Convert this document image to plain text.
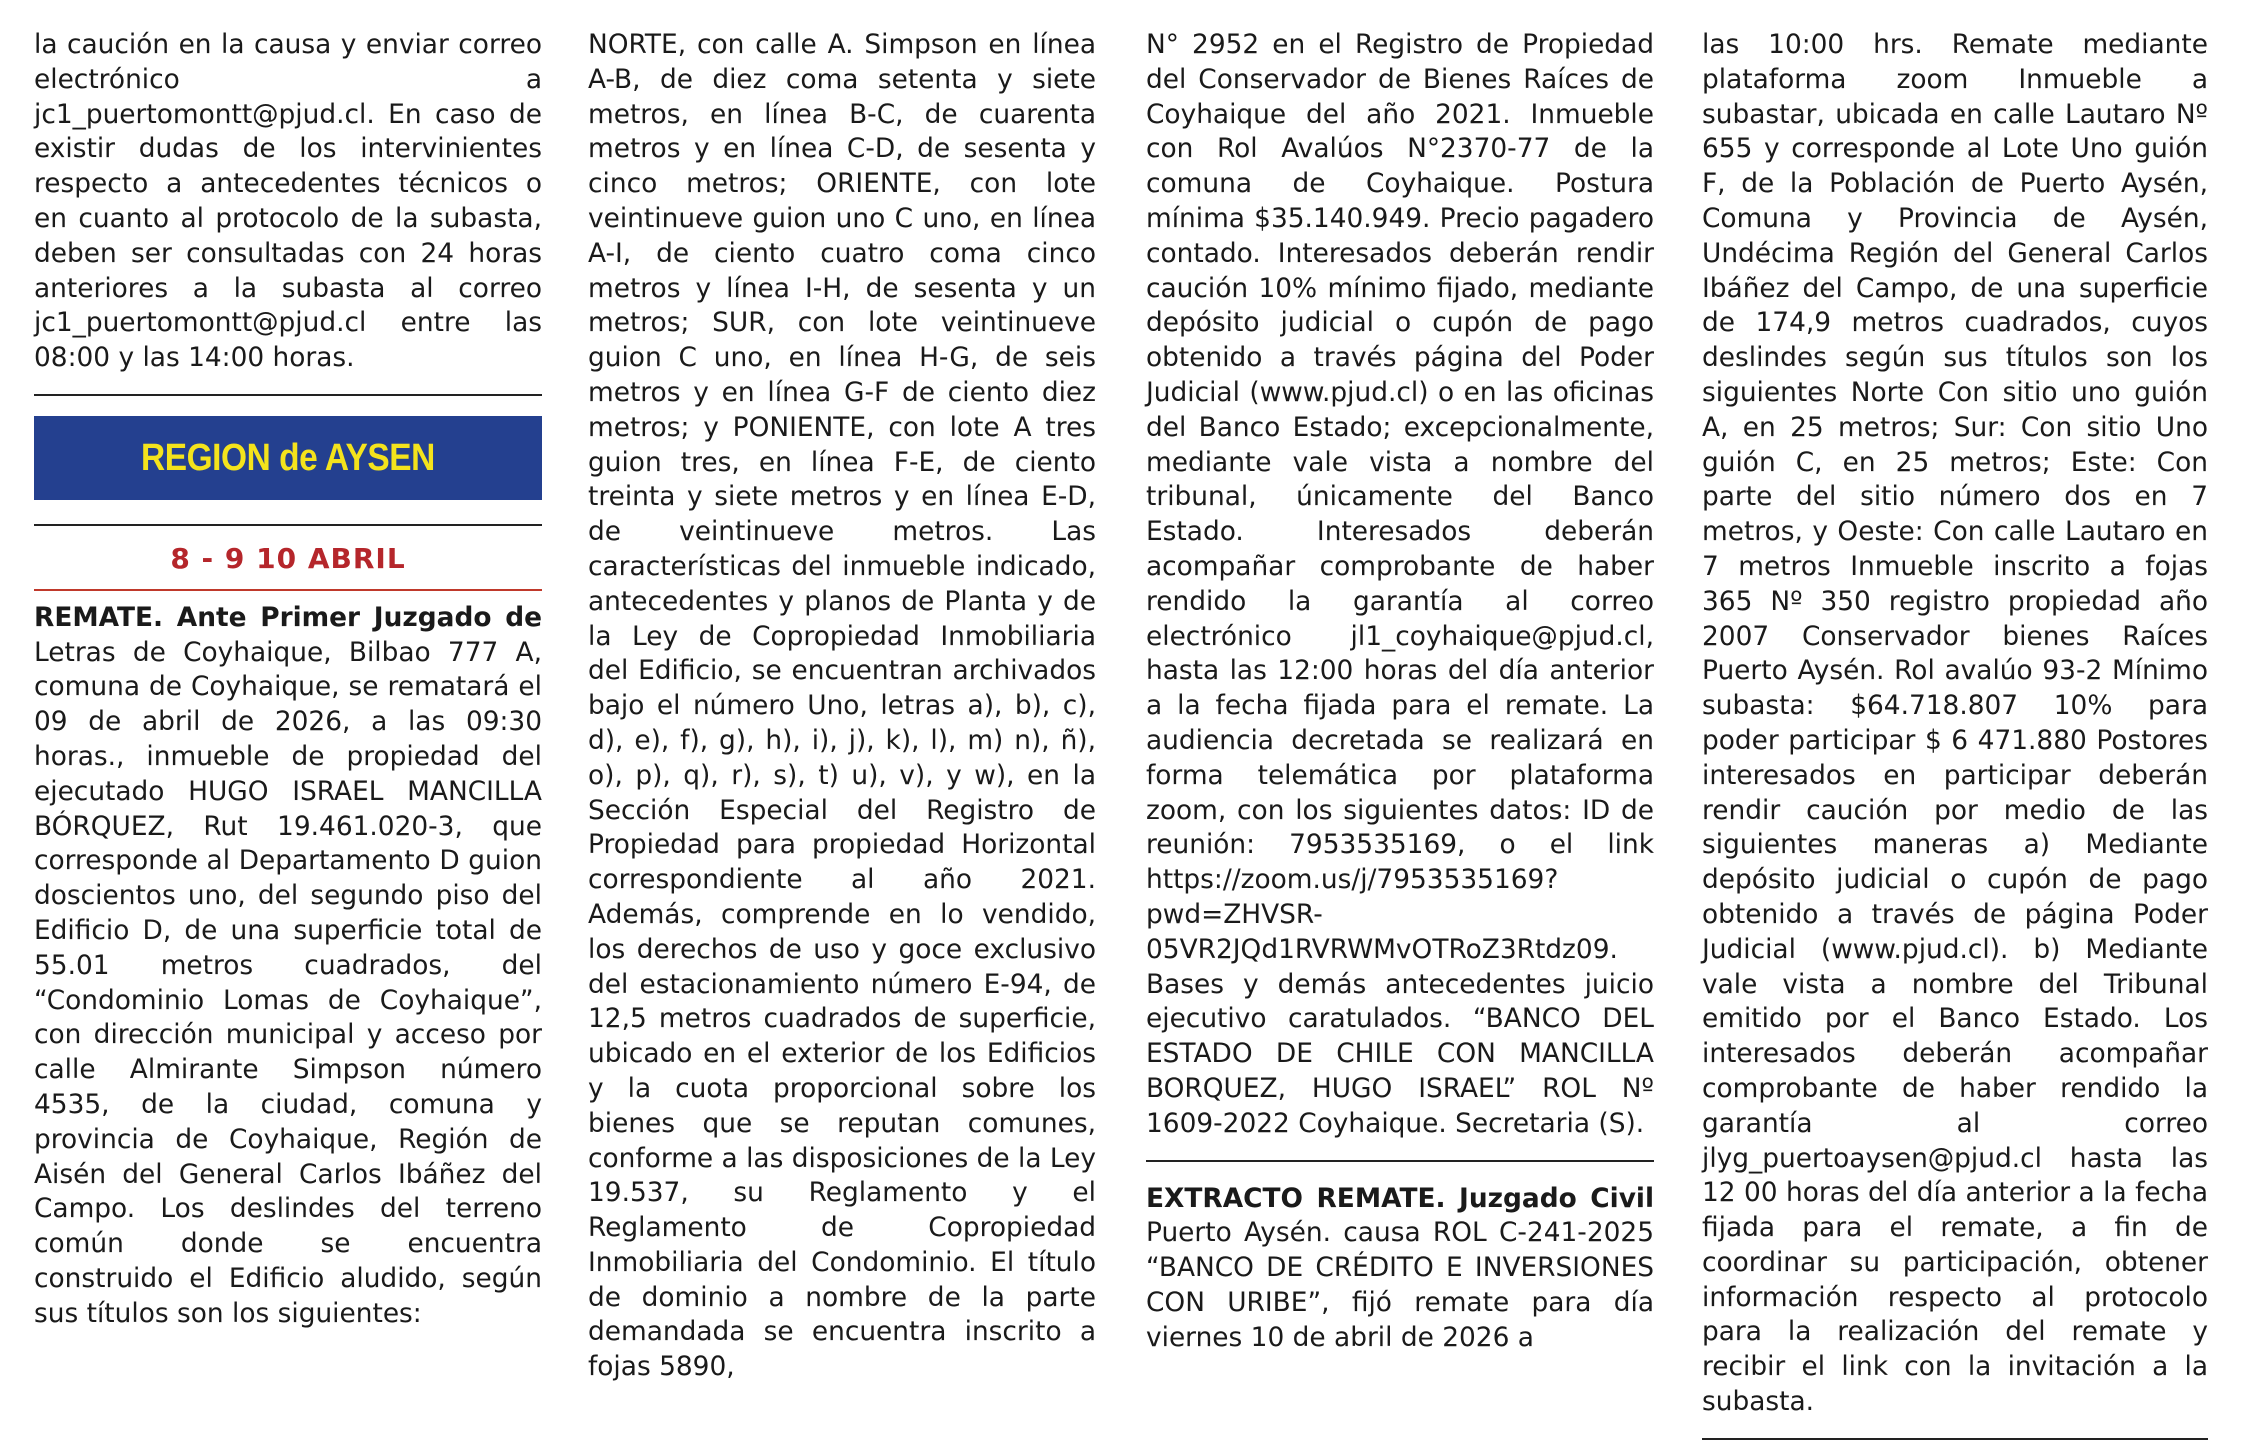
la caución en la causa y enviar correo electrónico a jc1_puertomontt@pjud.cl. En caso de existir dudas de los intervinientes respecto a antecedentes técnicos o en cuanto al protocolo de la subasta, deben ser consultadas con 24 horas anteriores a la subasta al correo jc1_puertomontt@pjud.cl entre las 08:00 y las 14:00 horas.

REGION de AYSEN
8 - 9 10 ABRIL

REMATE. Ante Primer Juzgado de Letras de Coyhaique, Bilbao 777 A, comuna de Coyhaique, se rematará el 09 de abril de 2026, a las 09:30 horas., inmueble de propiedad del ejecutado HUGO ISRAEL MANCILLA BÓRQUEZ, Rut 19.461.020-3, que corresponde al Departamento D guion doscientos uno, del segundo piso del Edificio D, de una superficie total de 55.01 metros cuadrados, del “Condominio Lomas de Coyhaique”, con dirección municipal y acceso por calle Almirante Simpson número 4535, de la ciudad, comuna y provincia de Coyhaique, Región de Aisén del General Carlos Ibáñez del Campo. Los deslindes del terreno común donde se encuentra construido el Edificio aludido, según sus títulos son los siguientes:

NORTE, con calle A. Simpson en línea A-B, de diez coma setenta y siete metros, en línea B-C, de cuarenta metros y en línea C-D, de sesenta y cinco metros; ORIENTE, con lote veintinueve guion uno C uno, en línea A-I, de ciento cuatro coma cinco metros y línea I-H, de sesenta y un metros; SUR, con lote veintinueve guion C uno, en línea H-G, de seis metros y en línea G-F de ciento diez metros; y PONIENTE, con lote A tres guion tres, en línea F-E, de ciento treinta y siete metros y en línea E-D, de veintinueve metros. Las características del inmueble indicado, antecedentes y planos de Planta y de la Ley de Copropiedad Inmobiliaria del Edificio, se encuentran archivados bajo el número Uno, letras a), b), c), d), e), f), g), h), i), j), k), l), m) n), ñ), o), p), q), r), s), t) u), v), y w), en la Sección Especial del Registro de Propiedad para propiedad Horizontal correspondiente al año 2021. Además, comprende en lo vendido, los derechos de uso y goce exclusivo del estacionamiento número E-94, de 12,5 metros cuadrados de superficie, ubicado en el exterior de los Edificios y la cuota proporcional sobre los bienes que se reputan comunes, conforme a las disposiciones de la Ley 19.537, su Reglamento y el Reglamento de Copropiedad Inmobiliaria del Condominio. El título de dominio a nombre de la parte demandada se encuentra inscrito a fojas 5890,

N° 2952 en el Registro de Propiedad del Conservador de Bienes Raíces de Coyhaique del año 2021. Inmueble con Rol Avalúos N°2370-77 de la comuna de Coyhaique. Postura mínima $35.140.949. Precio pagadero contado. Interesados deberán rendir caución 10% mínimo fijado, mediante depósito judicial o cupón de pago obtenido a través página del Poder Judicial (www.pjud.cl) o en las oficinas del Banco Estado; excepcionalmente, mediante vale vista a nombre del tribunal, únicamente del Banco Estado. Interesados deberán acompañar comprobante de haber rendido la garantía al correo electrónico jl1_coyhaique@pjud.cl, hasta las 12:00 horas del día anterior a la fecha fijada para el remate. La audiencia decretada se realizará en forma telemática por plataforma zoom, con los siguientes datos: ID de reunión: 7953535169, o el link https://zoom.us/j/7953535169?pwd=ZHVSR-05VR2JQd1RVRWMvOTRoZ3Rtdz09. Bases y demás antecedentes juicio ejecutivo caratulados. “BANCO DEL ESTADO DE CHILE CON MANCILLA BORQUEZ, HUGO ISRAEL” ROL Nº 1609-2022 Coyhaique. Secretaria (S).

EXTRACTO REMATE. Juzgado Civil Puerto Aysén. causa ROL C-241-2025 “BANCO DE CRÉDITO E INVERSIONES CON URIBE”, fijó remate para día viernes 10 de abril de 2026 a

las 10:00 hrs. Remate mediante plataforma zoom Inmueble a subastar, ubicada en calle Lautaro Nº 655 y corresponde al Lote Uno guión F, de la Población de Puerto Aysén, Comuna y Provincia de Aysén, Undécima Región del General Carlos Ibáñez del Campo, de una superficie de 174,9 metros cuadrados, cuyos deslindes según sus títulos son los siguientes Norte Con sitio uno guión A, en 25 metros; Sur: Con sitio Uno guión C, en 25 metros; Este: Con parte del sitio número dos en 7 metros, y Oeste: Con calle Lautaro en 7 metros Inmueble inscrito a fojas 365 Nº 350 registro propiedad año 2007 Conservador bienes Raíces Puerto Aysén. Rol avalúo 93-2 Mínimo subasta: $64.718.807 10% para poder participar $ 6 471.880 Postores interesados en participar deberán rendir caución por medio de las siguientes maneras a) Mediante depósito judicial o cupón de pago obtenido a través de página Poder Judicial (www.pjud.cl). b) Mediante vale vista a nombre del Tribunal emitido por el Banco Estado. Los interesados deberán acompañar comprobante de haber rendido la garantía al correo jlyg_puertoaysen@pjud.cl hasta las 12 00 horas del día anterior a la fecha fijada para el remate, a fin de coordinar su participación, obtener información respecto al protocolo para la realización del remate y recibir el link con la invitación a la subasta.
